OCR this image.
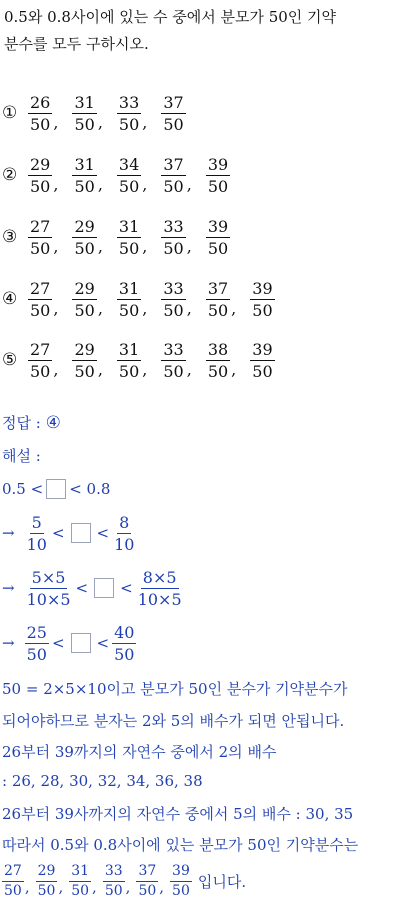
0.5와 0.8사이에 있는 수 중에서 분모가 50인 기약
분수를 모두 구하시오.
① $\frac{26}{50}$ , $\frac{31}{50}$ , $\frac{33}{50}$ , $\frac{37}{50}$
② $\frac{29}{50}$ , $\frac{31}{50}$ , $\frac{34}{50}$ , $\frac{37}{50}$ , $\frac{39}{50}$
③ $\frac{27}{50}$ , $\frac{29}{50}$ , $\frac{31}{50}$ , $\frac{33}{50}$ , $\frac{39}{50}$
④ $\frac{27}{50}$ , $\frac{29}{50}$ , $\frac{31}{50}$ , $\frac{33}{50}$ , $\frac{37}{50}$ , $\frac{39}{50}$
⑤ $\frac{27}{50}$ , $\frac{29}{50}$ , $\frac{31}{50}$ , $\frac{33}{50}$ , $\frac{38}{50}$ , $\frac{39}{50}$
정답 : ④
해설 :
0.5 < < 0.8
→ $\frac{5}{10}$ < < $\frac{8}{10}$
→ $\frac{5\times 5}{10\times 5}$ < < $\frac{8\times 5}{10\times 5}$
→ $\frac{25}{50}$ < < $\frac{40}{50}$
50 = 2×5×10이고 분모가 50인 분수가 기약분수가
되어야하므로 분자는 2와 5의 배수가 되면 안됩니다.
26부터 39까지의 자연수 중에서 2의 배수
: 26, 28, 30, 32, 34, 36, 38
26부터 39사까지의 자연수 중에서 5의 배수 : 30, 35
따라서 0.5와 0.8사이에 있는 분모가 50인 기약분수는
$\frac{27}{50}$ , $\frac{29}{50}$ , $\frac{31}{50}$ , $\frac{33}{50}$ , $\frac{37}{50}$ , $\frac{39}{50}$ 입니다.
